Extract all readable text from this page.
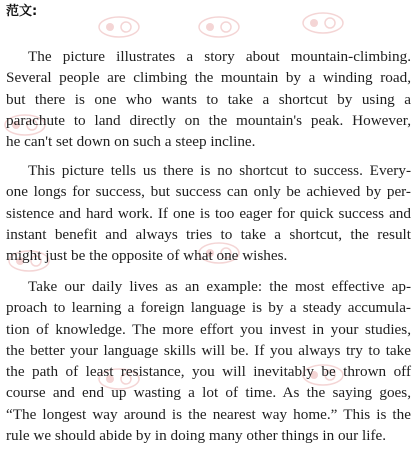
范文:
The picture illustrates a story about mountain-climbing.
Several people are climbing the mountain by a winding road,
but there is one who wants to take a shortcut by using a
parachute to land directly on the mountain's peak. However,
he can't set down on such a steep incline.
This picture tells us there is no shortcut to success. Every-
one longs for success, but success can only be achieved by per-
sistence and hard work. If one is too eager for quick success and
instant benefit and always tries to take a shortcut, the result
might just be the opposite of what one wishes.
Take our daily lives as an example: the most effective ap-
proach to learning a foreign language is by a steady accumula-
tion of knowledge. The more effort you invest in your studies,
the better your language skills will be. If you always try to take
the path of least resistance, you will inevitably be thrown off
course and end up wasting a lot of time. As the saying goes,
“The longest way around is the nearest way home.” This is the
rule we should abide by in doing many other things in our life.
